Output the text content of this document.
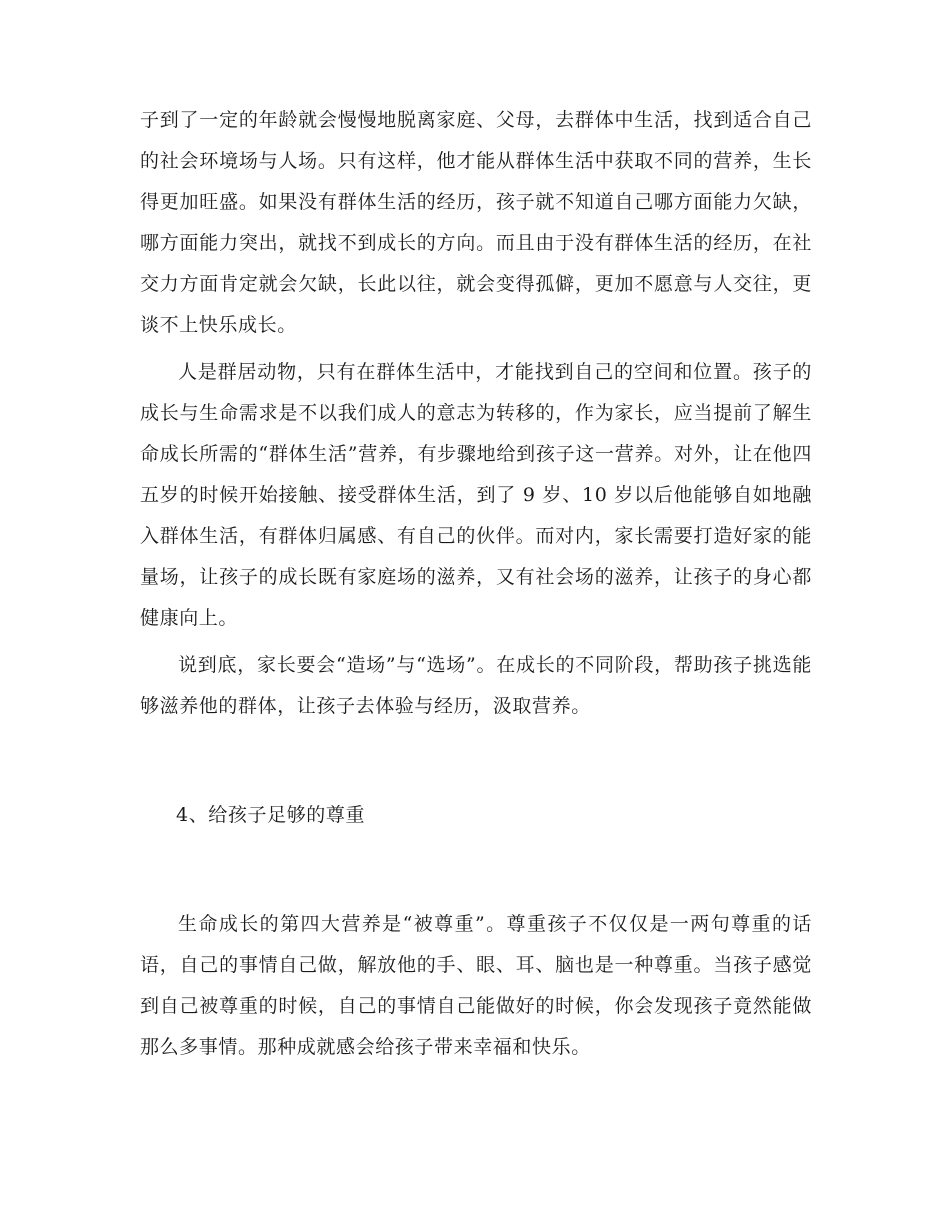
子到了一定的年龄就会慢慢地脱离家庭、父母，去群体中生活，找到适合自己的社会环境场与人场。只有这样，他才能从群体生活中获取不同的营养，生长得更加旺盛。如果没有群体生活的经历，孩子就不知道自己哪方面能力欠缺，哪方面能力突出，就找不到成长的方向。而且由于没有群体生活的经历，在社交力方面肯定就会欠缺，长此以往，就会变得孤僻，更加不愿意与人交往，更谈不上快乐成长。

人是群居动物，只有在群体生活中，才能找到自己的空间和位置。孩子的成长与生命需求是不以我们成人的意志为转移的，作为家长，应当提前了解生命成长所需的“群体生活”营养，有步骤地给到孩子这一营养。对外，让在他四五岁的时候开始接触、接受群体生活，到了 9 岁、10 岁以后他能够自如地融入群体生活，有群体归属感、有自己的伙伴。而对内，家长需要打造好家的能量场，让孩子的成长既有家庭场的滋养，又有社会场的滋养，让孩子的身心都健康向上。

说到底，家长要会“造场”与“选场”。在成长的不同阶段，帮助孩子挑选能够滋养他的群体，让孩子去体验与经历，汲取营养。

4、给孩子足够的尊重

生命成长的第四大营养是“被尊重”。尊重孩子不仅仅是一两句尊重的话语，自己的事情自己做，解放他的手、眼、耳、脑也是一种尊重。当孩子感觉到自己被尊重的时候，自己的事情自己能做好的时候，你会发现孩子竟然能做那么多事情。那种成就感会给孩子带来幸福和快乐。
